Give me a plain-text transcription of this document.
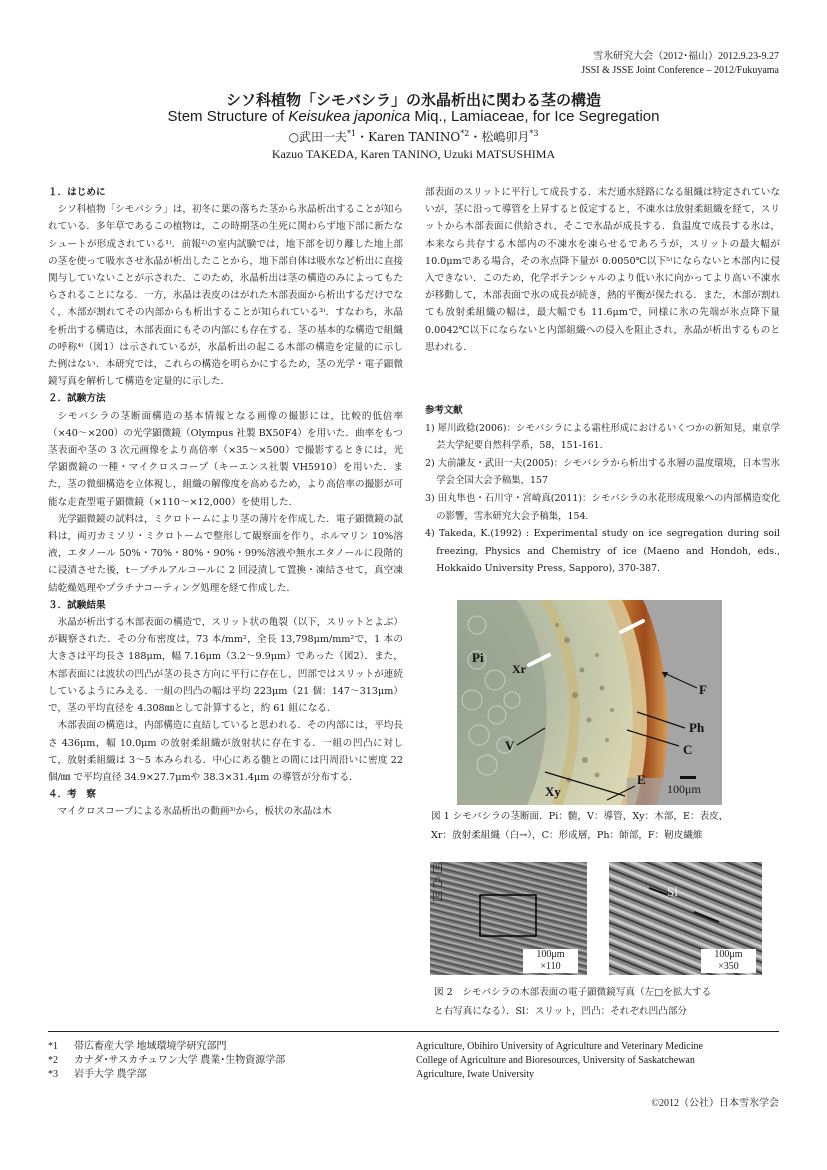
雪氷研究大会（2012･福山）2012.9.23-9.27
JSSI & JSSE Joint Conference – 2012/Fukuyama
シソ科植物「シモバシラ」の氷晶析出に関わる茎の構造
Stem Structure of Keisukea japonica Miq., Lamiaceae, for Ice Segregation
○武田一夫$^{*1}$・Karen TANINO$^{*2}$・松嶋卯月$^{*3}$
Kazuo TAKEDA, Karen TANINO, Uzuki MATSUSHIMA

１．はじめに

シソ科植物「シモバシラ」は，初冬に葉の落ちた茎から氷晶析出することが知られている．多年草であるこの植物は，この時期茎の生死に関わらず地下部に新たなシュートが形成されている¹⁾．前報²⁾の室内試験では，地下部を切り離した地上部の茎を使って吸水させ氷晶が析出したことから，地下部自体は吸水など析出に直接関与していないことが示された．このため，氷晶析出は茎の構造のみによってもたらされることになる．一方，氷晶は表皮のはがれた木部表面から析出するだけでなく，木部が割れてその内部からも析出することが知られている³⁾．すなわち，氷晶を析出する構造は，木部表面にもその内部にも存在する．茎の基本的な構造で組織の呼称⁴⁾（図1）は示されているが，氷晶析出の起こる木部の構造を定量的に示した例はない．本研究では，これらの構造を明らかにするため，茎の光学・電子顕微鏡写真を解析して構造を定量的に示した．

２．試験方法

シモバシラの茎断面構造の基本情報となる画像の撮影には，比較的低倍率（×40～×200）の光学顕微鏡（Olympus 社製 BX50F4）を用いた．曲率をもつ茎表面や茎の 3 次元画像をより高倍率（×35～×500）で撮影するときには，光学顕微鏡の一種・マイクロスコープ（キーエンス社製 VH5910）を用いた．また，茎の微細構造を立体視し，組織の解像度を高めるため，より高倍率の撮影が可能な走査型電子顕微鏡（×110～×12,000）を使用した．

光学顕微鏡の試料は，ミクロトームにより茎の薄片を作成した．電子顕微鏡の試料は，両刃カミソリ・ミクロトームで整形して観察面を作り，ホルマリン 10%溶液，エタノール 50%・70%・80%・90%・99%溶液や無水エタノールに段階的に浸漬させた後，t－ブチルアルコールに 2 回浸漬して置換・凍結させて，真空凍結乾燥処理やプラチナコーティング処理を経て作成した．

３．試験結果

氷晶が析出する木部表面の構造で，スリット状の亀裂（以下，スリットとよぶ）が観察された．その分布密度は，73 本/mm²，全長 13,798μm/mm²で，1 本の大きさは平均長さ 188μm，幅 7.16μm（3.2～9.9μm）であった（図2）．また，木部表面には波状の凹凸が茎の長さ方向に平行に存在し，凹部ではスリットが連続しているようにみえる．一組の凹凸の幅は平均 223μm（21 個：147～313μm）で，茎の平均直径を 4.308㎜として計算すると，約 61 組になる．

木部表面の構造は，内部構造に直結していると思われる．その内部には，平均長さ 436μm，幅 10.0μm の放射柔組織が放射状に存在する．一組の凹凸に対して，放射柔組織は 3～5 本みられる．中心にある髄との間には円周沿いに密度 22 個/㎜ で平均直径 34.9×27.7μmや 38.3×31.4μm の導管が分布する．

４．考　察

マイクロスコープによる氷晶析出の動画³⁾から，板状の氷晶は木

部表面のスリットに平行して成長する．未だ通水経路になる組織は特定されていないが，茎に沿って導管を上昇すると仮定すると，不凍水は放射柔組織を経て，スリットから木部表面に供給され，そこで氷晶が成長する．負温度で成長する氷は，本来なら共存する木部内の不凍水を凍らせるであろうが，スリットの最大幅が 10.0μmである場合，その氷点降下量が 0.0050℃以下⁵⁾にならないと木部内に侵入できない．このため，化学ポテンシャルのより低い氷に向かってより高い不凍水が移動して，木部表面で氷の成長が続き，熱的平衡が保たれる．また，木部が割れても放射柔組織の幅は，最大幅でも 11.6μmで，同様に氷の先端が氷点降下量 0.0042℃以下にならないと内部組織への侵入を阻止され，氷晶が析出するものと思われる．

参考文献

1) 犀川政稔(2006)：シモバシラによる霜柱形成におけるいくつかの新知見，東京学芸大学紀要自然科学系，58，151-161.

2) 大前謙友・武田一夫(2005)：シモバシラから析出する氷層の温度環境，日本雪氷学会全国大会予稿集，157

3) 田丸隼也・石川守・宮崎真(2011)：シモバシラの氷花形成現象への内部構造変化の影響，雪氷研究大会予稿集，154.

4) Takeda, K.(1992) : Experimental study on ice segregation during soil freezing, Physics and Chemistry of ice (Maeno and Hondoh, eds., Hokkaido University Press, Sapporo), 370-387.

Pi
Xr
F
Ph
C
V
E
Xy	100μm
図 1 シモバシラの茎断面．Pi：髄，V：導管，Xy：木部，E：表皮，
Xr：放射柔組織（白→），C：形成層，Ph：師部，F：靭皮繊維
凹
凸
凹
100μm
×110
Sl
100μm
×350
図 2　シモバシラの木部表面の電子顕微鏡写真（左□を拡大する
と右写真になる）．Sl：スリット，凹凸：それぞれ凹凸部分
*1 帯広畜産大学 地域環境学研究部門
*2 カナダ･サスカチュワン大学 農業･生物資源学部
*3 岩手大学 農学部
Agriculture, Obihiro University of Agriculture and Veterinary Medicine
College of Agriculture and Bioresources, University of Saskatchewan
Agriculture, Iwate University
©2012（公社）日本雪氷学会
